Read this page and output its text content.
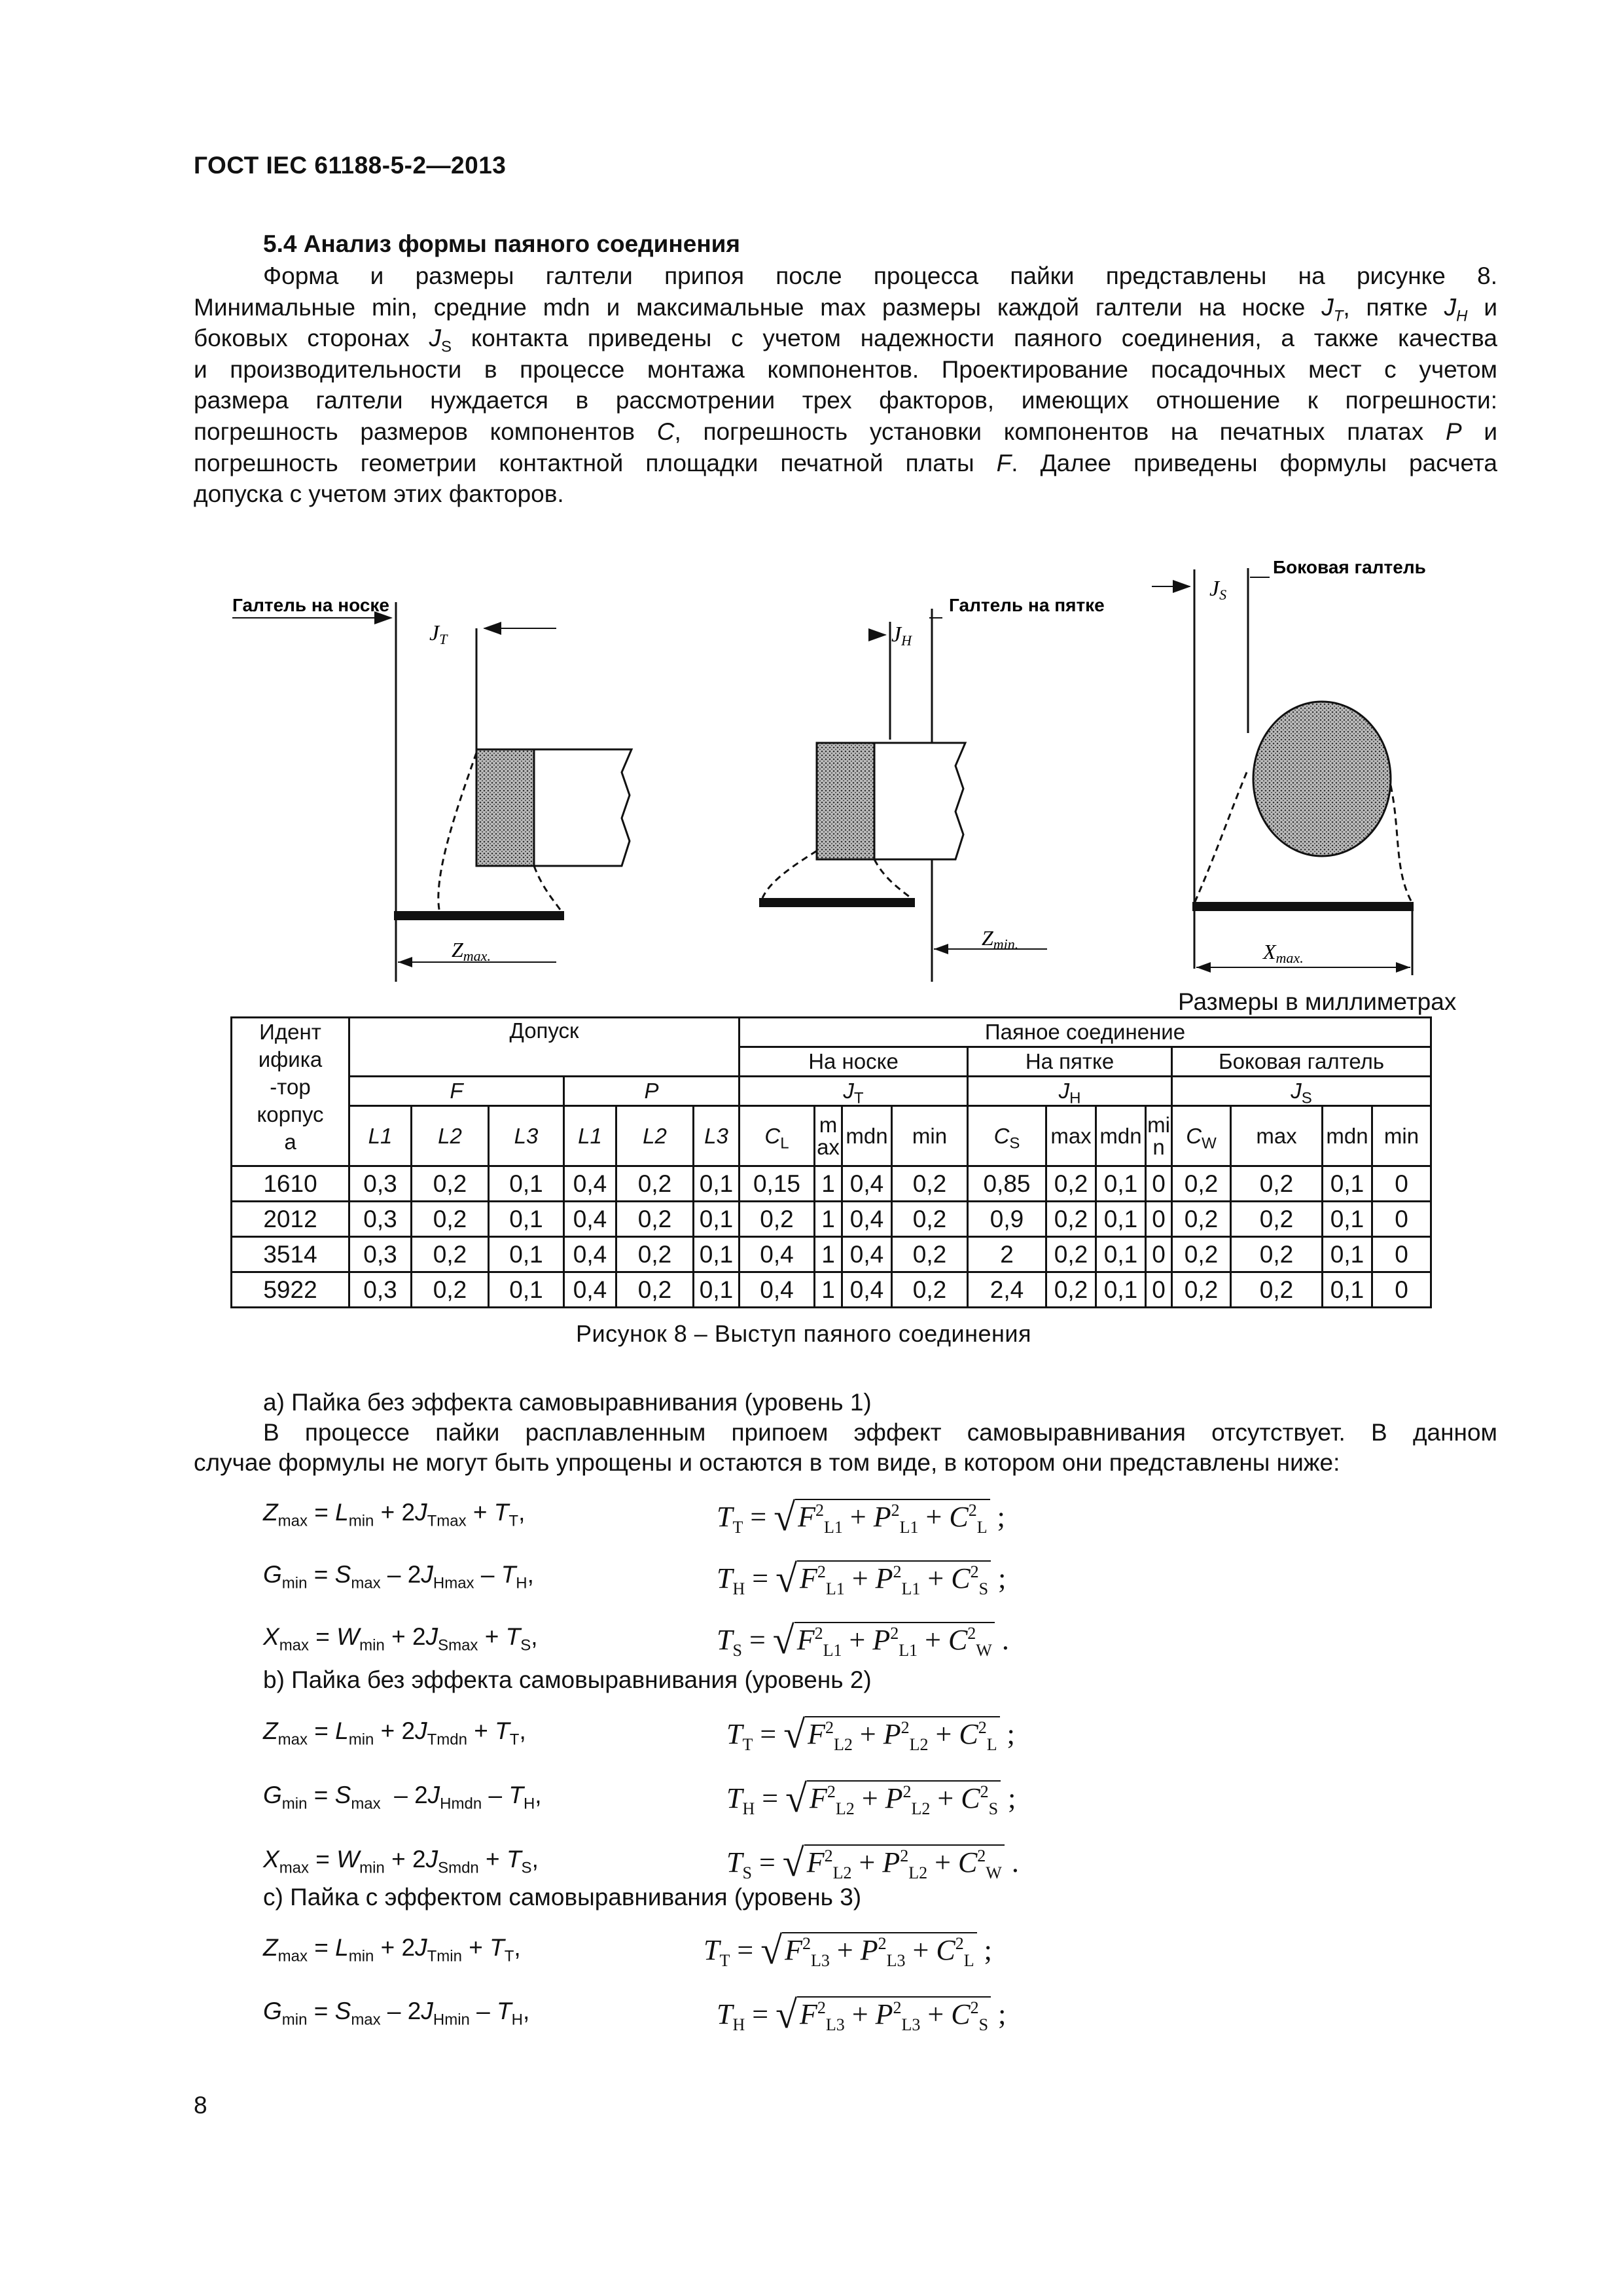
ГОСТ IEC 61188-5-2—2013
5.4 Анализ формы паяного соединения
Форма и размеры галтели припоя после процесса пайки представлены на рисунке 8.
Минимальные min, средние mdn и максимальные max размеры каждой галтели на носке $J_T$, пятке $J_H$ и
боковых сторонах $J_S$ контакта приведены с учетом надежности паяного соединения, а также качества
и производительности в процессе монтажа компонентов. Проектирование посадочных мест с учетом
размера галтели нуждается в рассмотрении трех факторов, имеющих отношение к погрешности:
погрешность размеров компонентов C, погрешность установки компонентов на печатных платах P и
погрешность геометрии контактной площадки печатной платы F. Далее приведены формулы расчета
допуска с учетом этих факторов.
Галтель на носке
JT
Zmax.
Галтель на пятке
JH
Zmin.
Боковая галтель
JS
Xmax.
Размеры в миллиметрах
Идент
ифика
-тор
корпус
а	Допуск						Паяное соединение											
							На носке				На пятке				Боковая галтель			
	F			P			$J_T$				$J_H$				$J_S$
	L1	L2	L3	L1	L2	L3	$C_L$	m ax	mdn	min	$C_S$	max	mdn	mi n	$C_W$	max	mdn	min
1610	0,3	0,2	0,1	0,4	0,2	0,1	0,15	1	0,4	0,2	0,85	0,2	0,1	0	0,2	0,2	0,1	0
2012	0,3	0,2	0,1	0,4	0,2	0,1	0,2	1	0,4	0,2	0,9	0,2	0,1	0	0,2	0,2	0,1	0
3514	0,3	0,2	0,1	0,4	0,2	0,1	0,4	1	0,4	0,2	2	0,2	0,1	0	0,2	0,2	0,1	0
5922	0,3	0,2	0,1	0,4	0,2	0,1	0,4	1	0,4	0,2	2,4	0,2	0,1	0	0,2	0,2	0,1	0
Рисунок 8 – Выступ паяного соединения
а) Пайка без эффекта самовыравнивания (уровень 1)
В процессе пайки расплавленным припоем эффект самовыравнивания отсутствует. В данном
случае формулы не могут быть упрощены и остаются в том виде, в котором они представлены ниже:
$Z_{max} = L_{min} + 2J_{Tmax} + T_T$,
$G_{min} = S_{max} - 2J_{Hmax} - T_H$,
$X_{max} = W_{min} + 2J_{Smax} + T_S$,
$T_T = √F^2_{L1} + P^2_{L1} + C^2_L$ ;
$T_H = √F^2_{L1} + P^2_{L1} + C^2_S$ ;
$T_S = √F^2_{L1} + P^2_{L1} + C^2_W$ .
b) Пайка без эффекта самовыравнивания (уровень 2)
$Z_{max} = L_{min} + 2J_{Tmdn} + T_T$,
$G_{min} = S_{max} - 2J_{Hmdn} - T_H$,
$X_{max} = W_{min} + 2J_{Smdn} + T_S$,
$T_T = √F^2_{L2} + P^2_{L2} + C^2_L$ ;
$T_H = √F^2_{L2} + P^2_{L2} + C^2_S$ ;
$T_S = √F^2_{L2} + P^2_{L2} + C^2_W$ .
c) Пайка с эффектом самовыравнивания (уровень 3)
$Z_{max} = L_{min} + 2J_{Tmin} + T_T$,
$G_{min} = S_{max} - 2J_{Hmin} - T_H$,
$T_T = √F^2_{L3} + P^2_{L3} + C^2_L$ ;
$T_H = √F^2_{L3} + P^2_{L3} + C^2_S$ ;
8
